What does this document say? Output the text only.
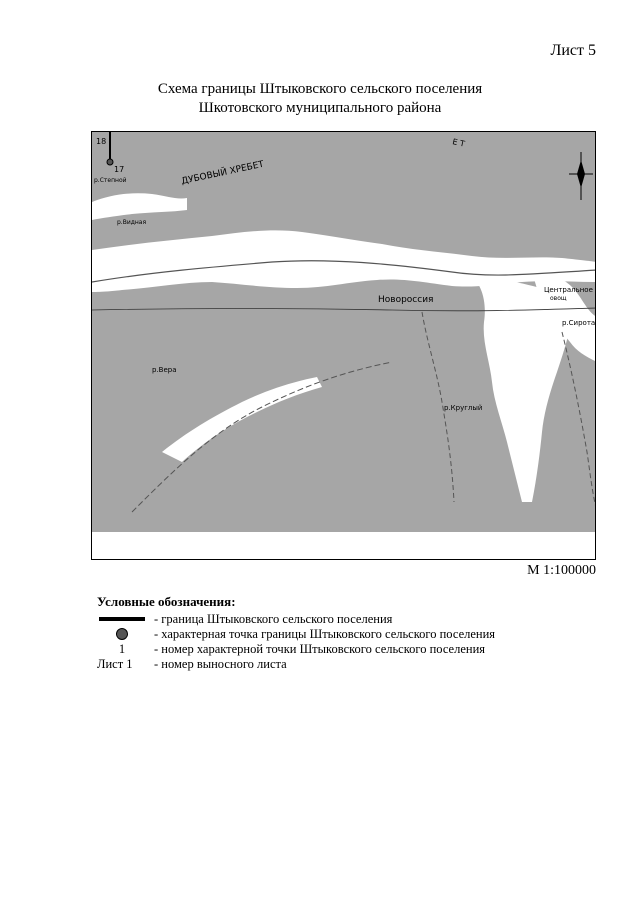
Лист 5
Схема границы Штыковского сельского поселения
Шкотовского муниципального района
ДУБОВЫЙ ХРЕБЕТ
Е Т
Новороссия
Центральное
овощ
р.Сирота
р.Вера
р.Круглый
р.Видная
р.Степной
17
18
М 1:100000
Условные обозначения:
- граница Штыковского сельского поселения
- характерная точка границы Штыковского сельского поселения
1	- номер характерной точки Штыковского сельского поселения
Лист 1 - номер выносного листа
